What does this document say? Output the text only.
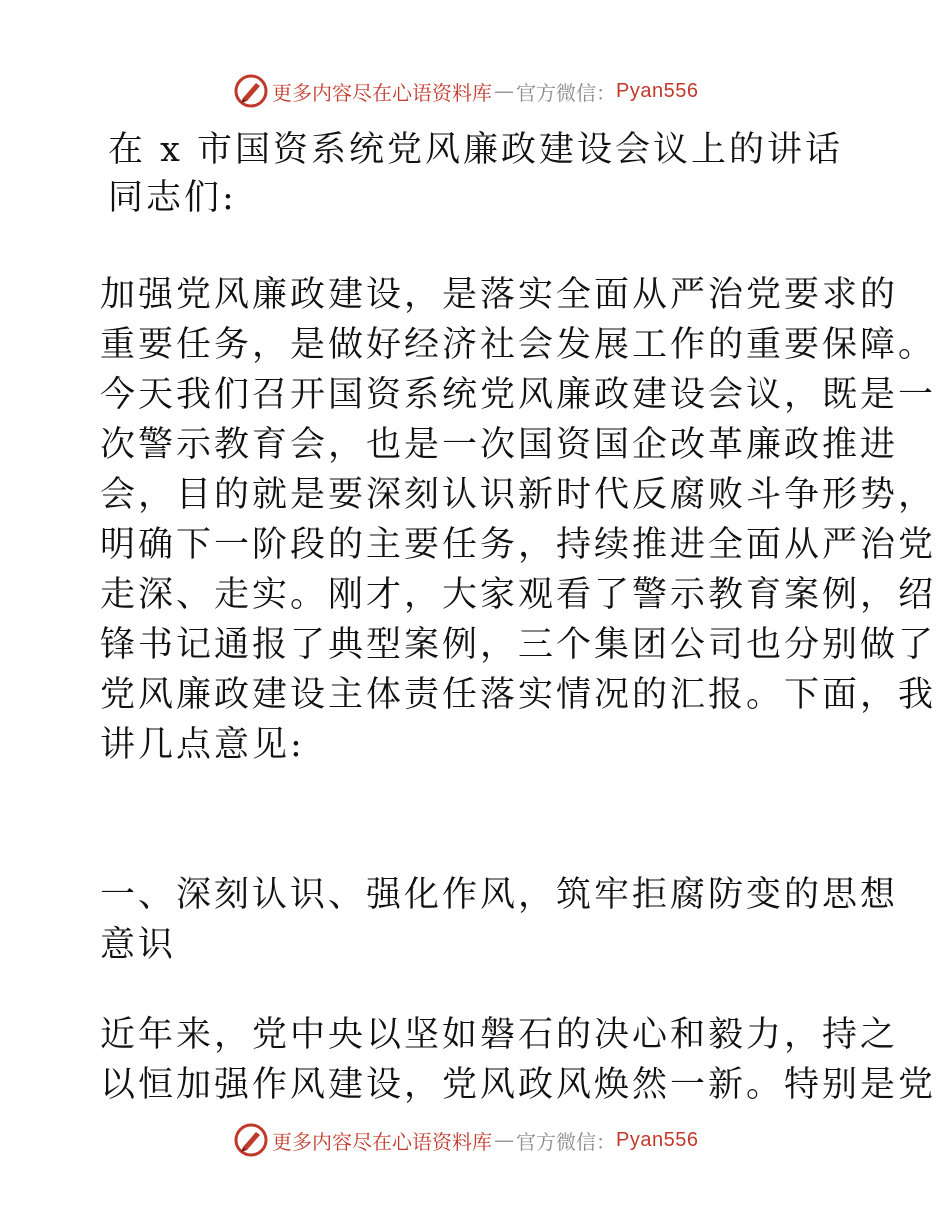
更多内容尽在心语资料库 — 官方微信： Pyan556
在 x 市国资系统党风廉政建设会议上的讲话

同志们:

加强党风廉政建设，是落实全面从严治党要求的
重要任务，是做好经济社会发展工作的重要保障。
今天我们召开国资系统党风廉政建设会议，既是一
次警示教育会，也是一次国资国企改革廉政推进
会，目的就是要深刻认识新时代反腐败斗争形势，
明确下一阶段的主要任务，持续推进全面从严治党
走深、走实。刚才，大家观看了警示教育案例，绍
锋书记通报了典型案例，三个集团公司也分别做了
党风廉政建设主体责任落实情况的汇报。下面，我
讲几点意见:
一、深刻认识、强化作风，筑牢拒腐防变的思想
意识
近年来，党中央以坚如磐石的决心和毅力，持之
以恒加强作风建设，党风政风焕然一新。特别是党
更多内容尽在心语资料库 — 官方微信： Pyan556
